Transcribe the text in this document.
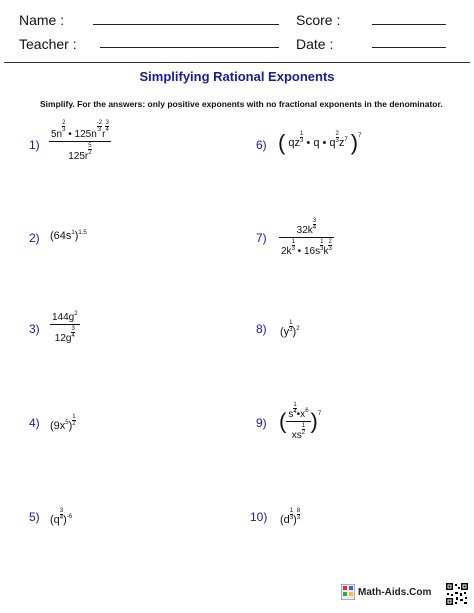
Name :	Score :
Teacher :	Date :
Simplifying Rational Exponents
Simplify. For the answers: only positive exponents with no fractional exponents in the denominator.
1) 5n
$\frac{2}{3}$
• 125n
$\frac{-2}{3}$
r
$\frac{3}{4}$
125r
$\frac{5}{2}$	6) ( qz $\frac{1}{3}$ • q • q $\frac{2}{3} z^7$ )$^7$
2) $(64s^1)^{1.5}$	$7) \frac{32k \frac{3}{4}}{2k \frac{1}{3} • 16s \frac{1}{3} k \frac{2}{3}}$
$3) \frac{144g^2}{12g \frac{3}{4}}$	8) $(y \frac{1}{3} )^2$
4) $(9x^5) \frac{1}{2}$	9) ( $\frac{s \frac{1}{4} •x^6}{xs \frac{1}{2}} )^7$
5) $(q \frac{3}{4} )^{-6}$	10) ($d \frac{1}{3}$ ) $\frac{8}{3}$
Math-Aids.Com
